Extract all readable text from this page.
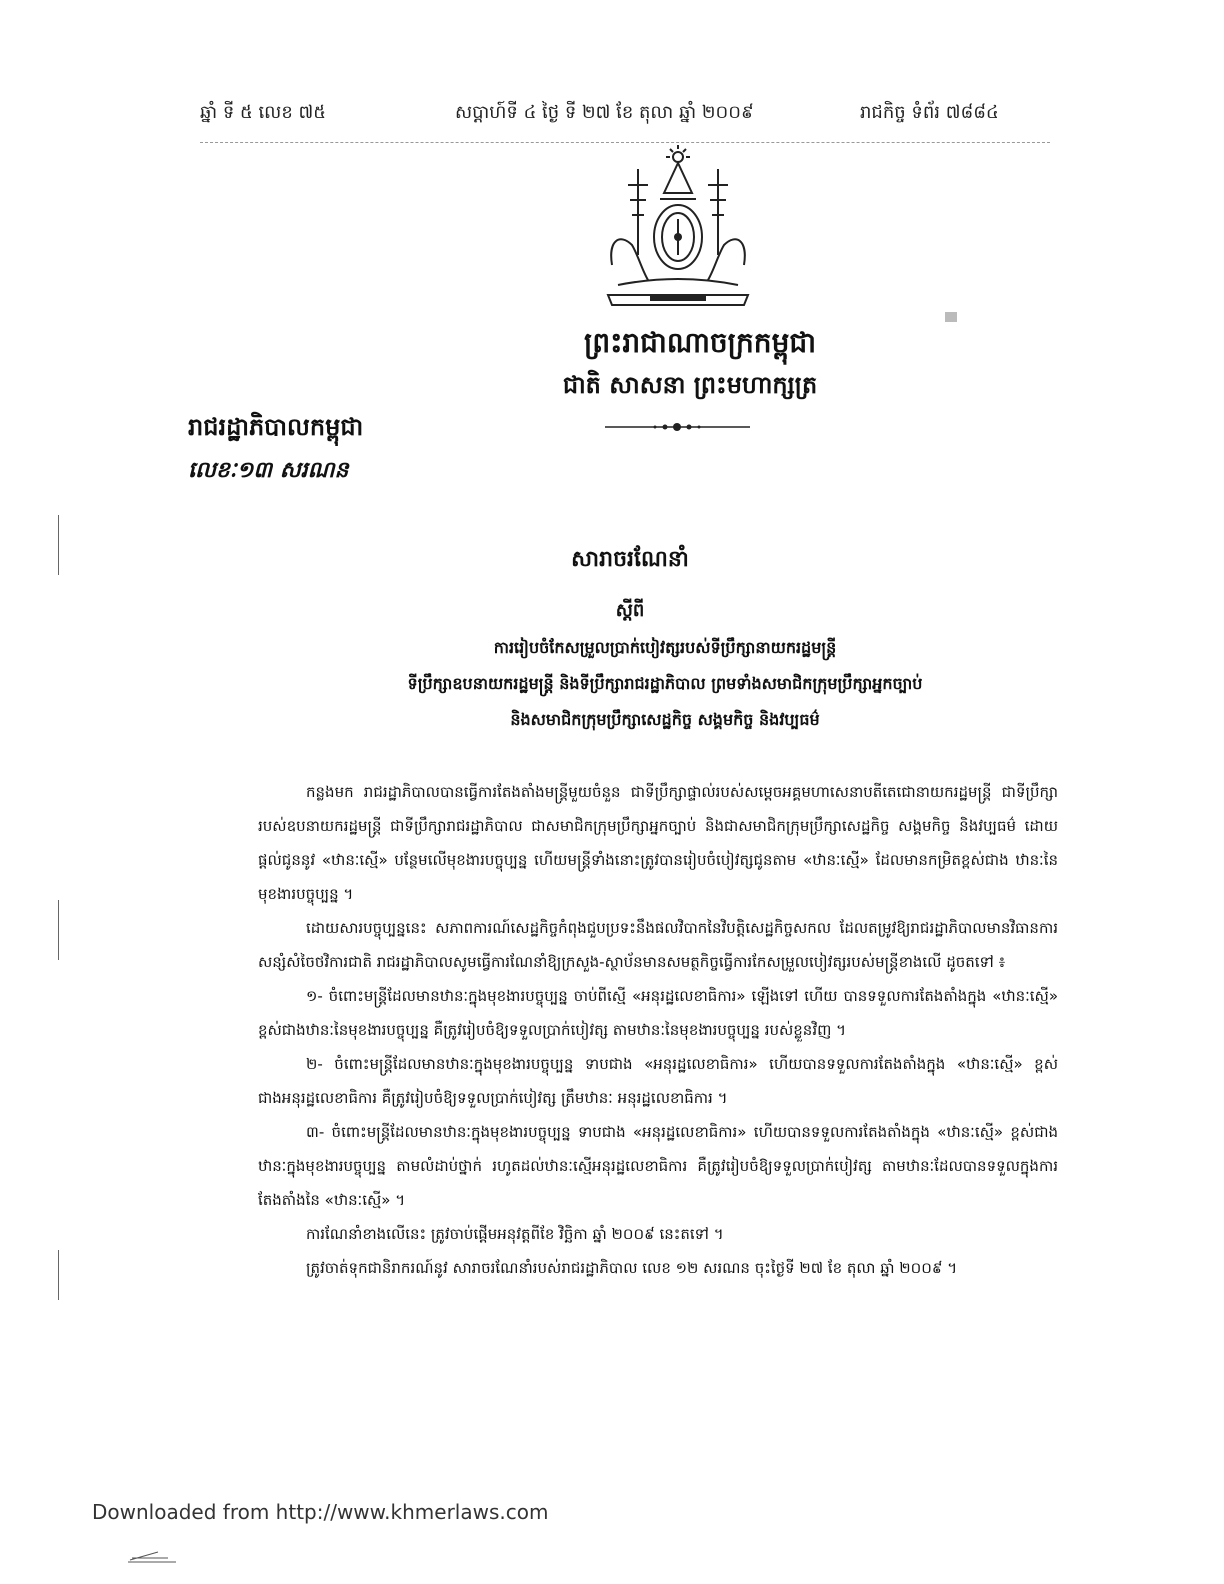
ឆ្នាំ ទី ៥ លេខ ៧៥	សប្តាហ៍ទី ៤ ថ្ងៃ ទី ២៧ ខែ តុលា ឆ្នាំ ២០០៩	រាជកិច្ច ទំព័រ ៧៨៨៤
ព្រះរាជាណាចក្រកម្ពុជា
ជាតិ សាសនា ព្រះមហាក្សត្រ
រាជរដ្ឋាភិបាលកម្ពុជា
លេខៈ១៣ សរណន
សារាចរណែនាំ
ស្តីពី
ការរៀបចំកែសម្រួលប្រាក់បៀវត្សរបស់ទីប្រឹក្សានាយករដ្ឋមន្ត្រី
ទីប្រឹក្សាឧបនាយករដ្ឋមន្ត្រី និងទីប្រឹក្សារាជរដ្ឋាភិបាល ព្រមទាំងសមាជិកក្រុមប្រឹក្សាអ្នកច្បាប់
និងសមាជិកក្រុមប្រឹក្សាសេដ្ឋកិច្ច សង្គមកិច្ច និងវប្បធម៌

កន្លងមក រាជរដ្ឋាភិបាលបានធ្វើការតែងតាំងមន្ត្រីមួយចំនួន ជាទីប្រឹក្សាផ្ទាល់របស់សម្តេចអគ្គមហាសេនាបតីតេជោនាយករដ្ឋមន្ត្រី ជាទីប្រឹក្សារបស់ឧបនាយករដ្ឋមន្ត្រី ជាទីប្រឹក្សារាជរដ្ឋាភិបាល ជាសមាជិកក្រុមប្រឹក្សាអ្នកច្បាប់ និងជាសមាជិកក្រុមប្រឹក្សាសេដ្ឋកិច្ច សង្គមកិច្ច និងវប្បធម៌ ដោយផ្តល់ជូននូវ «ឋានៈស្មើ» បន្ថែមលើមុខងារបច្ចុប្បន្ន ហើយមន្ត្រីទាំងនោះត្រូវបានរៀបចំបៀវត្សជូនតាម «ឋានៈស្មើ» ដែលមានកម្រិតខ្ពស់ជាង ឋានៈនៃមុខងារបច្ចុប្បន្ន ។

ដោយសារបច្ចុប្បន្ននេះ សភាពការណ៍សេដ្ឋកិច្ចកំពុងជួបប្រទះនឹងផលវិបាកនៃវិបត្តិសេដ្ឋកិច្ចសកល ដែលតម្រូវឱ្យរាជរដ្ឋាភិបាលមានវិធានការសន្សំសំចៃថវិការជាតិ រាជរដ្ឋាភិបាលសូមធ្វើការណែនាំឱ្យក្រសួង-ស្ថាប័នមានសមត្ថកិច្ចធ្វើការកែសម្រួលបៀវត្សរបស់មន្ត្រីខាងលើ ដូចតទៅ ៖

១- ចំពោះមន្ត្រីដែលមានឋានៈក្នុងមុខងារបច្ចុប្បន្ន ចាប់ពីស្មើ «អនុរដ្ឋលេខាធិការ» ឡើងទៅ ហើយ បានទទួលការតែងតាំងក្នុង «ឋានៈស្មើ» ខ្ពស់ជាងឋានៈនៃមុខងារបច្ចុប្បន្ន គឺត្រូវរៀបចំឱ្យទទួលប្រាក់បៀវត្ស តាមឋានៈនៃមុខងារបច្ចុប្បន្ន របស់ខ្លួនវិញ ។

២- ចំពោះមន្ត្រីដែលមានឋានៈក្នុងមុខងារបច្ចុប្បន្ន ទាបជាង «អនុរដ្ឋលេខាធិការ» ហើយបានទទួលការតែងតាំងក្នុង «ឋានៈស្មើ» ខ្ពស់ជាងអនុរដ្ឋលេខាធិការ គឺត្រូវរៀបចំឱ្យទទួលប្រាក់បៀវត្ស ត្រឹមឋានៈ អនុរដ្ឋលេខាធិការ ។

៣- ចំពោះមន្ត្រីដែលមានឋានៈក្នុងមុខងារបច្ចុប្បន្ន ទាបជាង «អនុរដ្ឋលេខាធិការ» ហើយបានទទួលការតែងតាំងក្នុង «ឋានៈស្មើ» ខ្ពស់ជាងឋានៈក្នុងមុខងារបច្ចុប្បន្ន តាមលំដាប់ថ្នាក់ រហូតដល់ឋានៈស្មើអនុរដ្ឋលេខាធិការ គឺត្រូវរៀបចំឱ្យទទួលប្រាក់បៀវត្ស តាមឋានៈដែលបានទទួលក្នុងការតែងតាំងនៃ «ឋានៈស្មើ» ។

ការណែនាំខាងលើនេះ ត្រូវចាប់ផ្តើមអនុវត្តពីខែ វិច្ឆិកា ឆ្នាំ ២០០៩ នេះតទៅ ។

ត្រូវចាត់ទុកជានិរាករណ៍នូវ សារាចរណែនាំរបស់រាជរដ្ឋាភិបាល លេខ ១២ សរណន ចុះថ្ងៃទី ២៧ ខែ តុលា ឆ្នាំ ២០០៩ ។

Downloaded from http://www.khmerlaws.com
